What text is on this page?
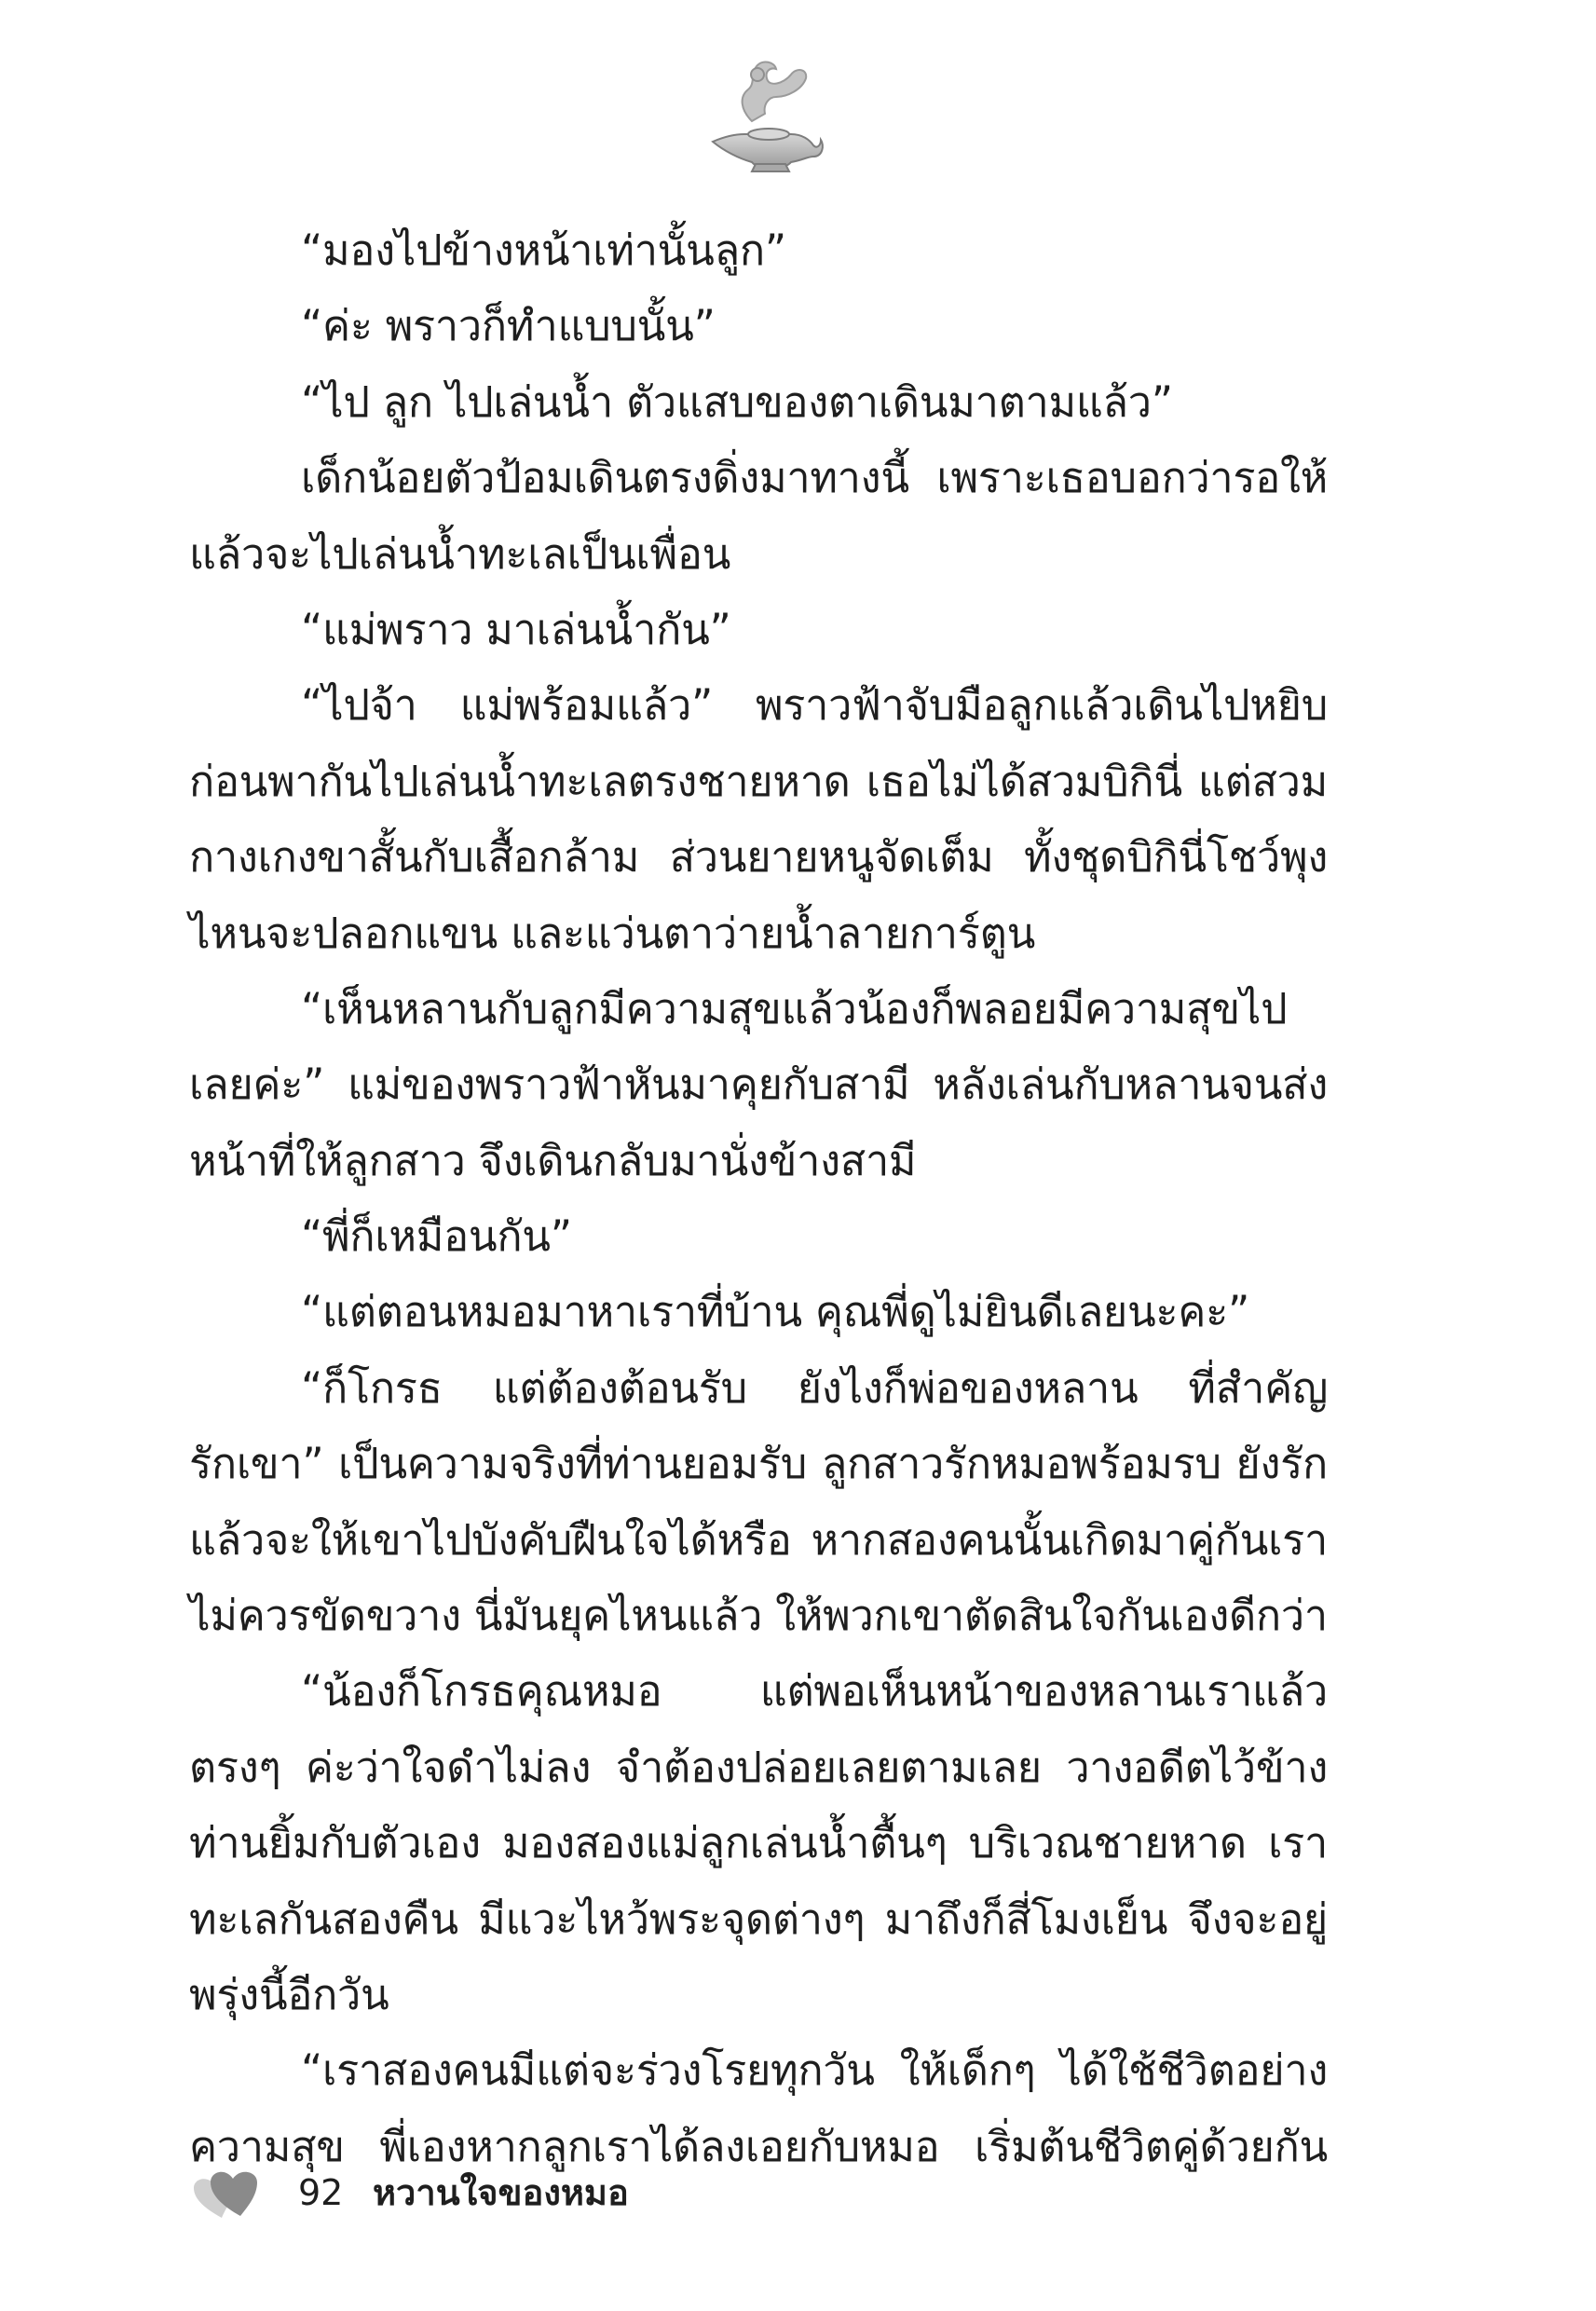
“มองไปข้างหน้าเท่านั้นลูก”
“ค่ะ พราวก็ทำแบบนั้น”
“ไป ลูก ไปเล่นน้ำ ตัวแสบของตาเดินมาตามแล้ว”
เด็กน้อยตัวป้อมเดินตรงดิ่งมาทางนี้ เพราะเธอบอกว่ารอให้
แล้วจะไปเล่นน้ำทะเลเป็นเพื่อน
“แม่พราว มาเล่นน้ำกัน”
“ไปจ้า แม่พร้อมแล้ว” พราวฟ้าจับมือลูกแล้วเดินไปหยิบ
ก่อนพากันไปเล่นน้ำทะเลตรงชายหาด เธอไม่ได้สวมบิกินี่ แต่สวม
กางเกงขาสั้นกับเสื้อกล้าม ส่วนยายหนูจัดเต็ม ทั้งชุดบิกินี่โชว์พุง
ไหนจะปลอกแขน และแว่นตาว่ายน้ำลายการ์ตูน
“เห็นหลานกับลูกมีความสุขแล้วน้องก็พลอยมีความสุขไป
เลยค่ะ” แม่ของพราวฟ้าหันมาคุยกับสามี หลังเล่นกับหลานจนส่ง
หน้าที่ให้ลูกสาว จึงเดินกลับมานั่งข้างสามี
“พี่ก็เหมือนกัน”
“แต่ตอนหมอมาหาเราที่บ้าน คุณพี่ดูไม่ยินดีเลยนะคะ”
“ก็โกรธ แต่ต้องต้อนรับ ยังไงก็พ่อของหลาน ที่สำคัญ
รักเขา” เป็นความจริงที่ท่านยอมรับ ลูกสาวรักหมอพร้อมรบ ยังรัก
แล้วจะให้เขาไปบังคับฝืนใจได้หรือ หากสองคนนั้นเกิดมาคู่กันเรา
ไม่ควรขัดขวาง นี่มันยุคไหนแล้ว ให้พวกเขาตัดสินใจกันเองดีกว่า
“น้องก็โกรธคุณหมอ แต่พอเห็นหน้าของหลานเราแล้ว
ตรงๆ ค่ะว่าใจดำไม่ลง จำต้องปล่อยเลยตามเลย วางอดีตไว้ข้าง
ท่านยิ้มกับตัวเอง มองสองแม่ลูกเล่นน้ำตื้นๆ บริเวณชายหาด เรา
ทะเลกันสองคืน มีแวะไหว้พระจุดต่างๆ มาถึงก็สี่โมงเย็น จึงจะอยู่
พรุ่งนี้อีกวัน
“เราสองคนมีแต่จะร่วงโรยทุกวัน ให้เด็กๆ ได้ใช้ชีวิตอย่าง
ความสุข พี่เองหากลูกเราได้ลงเอยกับหมอ เริ่มต้นชีวิตคู่ด้วยกัน
92 หวานใจของหมอ
